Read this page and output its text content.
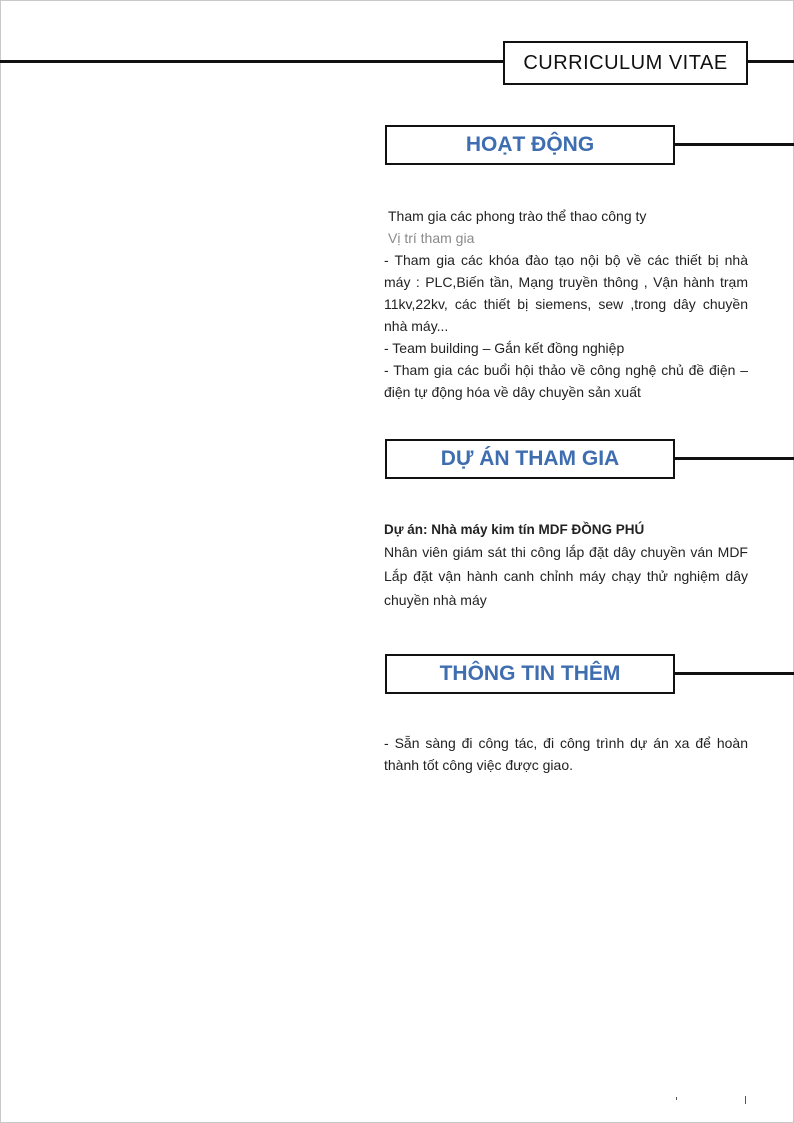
CURRICULUM VITAE
HOẠT ĐỘNG
Tham gia các phong trào thể thao công ty
Vị trí tham gia
- Tham gia các khóa đào tạo nội bộ về các thiết bị nhà
máy : PLC,Biến tần, Mạng truyền thông , Vận hành trạm
11kv,22kv, các thiết bị siemens, sew ,trong dây chuyền
nhà máy...
- Team building – Gắn kết đồng nghiệp
- Tham gia các buổi hội thảo về công nghệ chủ đề điện –
điện tự động hóa về dây chuyền sản xuất
DỰ ÁN THAM GIA
Dự án: Nhà máy kim tín MDF ĐỒNG PHÚ
Nhân viên giám sát thi công lắp đặt dây chuyền ván MDF
Lắp đặt vận hành canh chỉnh máy chạy thử nghiệm dây
chuyền nhà máy
THÔNG TIN THÊM
- Sẵn sàng đi công tác, đi công trình dự án xa để hoàn
thành tốt công việc được giao.
